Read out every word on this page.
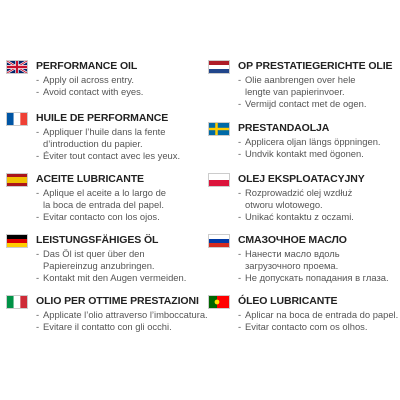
PERFORMANCE OIL
- Apply oil across entry.
- Avoid contact with eyes.
HUILE DE PERFORMANCE
- Appliquer l’huile dans la fente
d’introduction du papier.
- Éviter tout contact avec les yeux.
ACEITE LUBRICANTE
- Aplique el aceite a lo largo de
la boca de entrada del papel.
- Evitar contacto con los ojos.
LEISTUNGSFÄHIGES ÖL
- Das Öl ist quer über den
Papiereinzug anzubringen.
- Kontakt mit den Augen vermeiden.
OLIO PER OTTIME PRESTAZIONI
- Applicate l’olio attraverso l’imboccatura.
- Evitare il contatto con gli occhi.
OP PRESTATIEGERICHTE OLIE
- Olie aanbrengen over hele
lengte van papierinvoer.
- Vermijd contact met de ogen.
PRESTANDAOLJA
- Applicera oljan längs öppningen.
- Undvik kontakt med ögonen.
OLEJ EKSPLOATACYJNY
- Rozprowadzić olej wzdłuż
otworu wlotowego.
- Unikać kontaktu z oczami.
СМАЗОЧНОЕ МАСЛО
- Нанести масло вдоль
загрузочного проема.
- Не допускать попадания в глаза.
ÓLEO LUBRICANTE
- Aplicar na boca de entrada do papel.
- Evitar contacto com os olhos.
